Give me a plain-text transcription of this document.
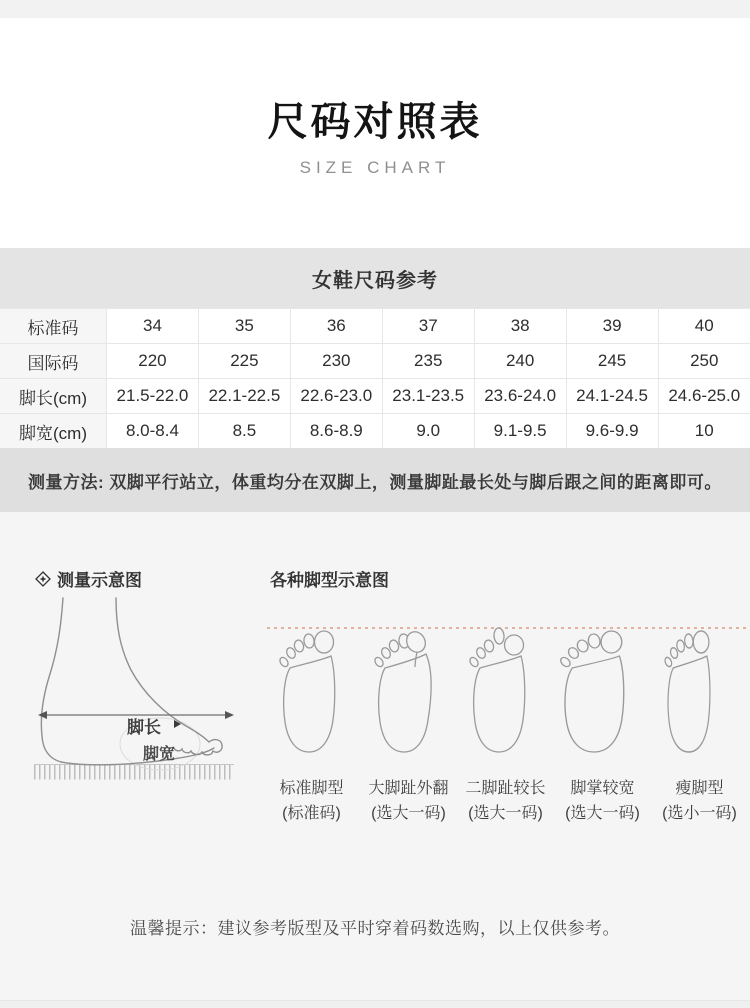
尺码对照表
SIZE CHART
女鞋尺码参考
标准码	34	35	36	37	38	39	40
国际码	220	225	230	235	240	245	250
脚长(cm)	21.5-22.0	22.1-22.5	22.6-23.0	23.1-23.5	23.6-24.0	24.1-24.5	24.6-25.0
脚宽(cm)	8.0-8.4	8.5	8.6-8.9	9.0	9.1-9.5	9.6-9.9	10
测量方法: 双脚平行站立，体重均分在双脚上，测量脚趾最长处与脚后跟之间的距离即可。
测量示意图	各种脚型示意图
脚长
脚宽
标准脚型
(标准码)
大脚趾外翻
(选大一码)
二脚趾较长
(选大一码)
脚掌较宽
(选大一码)
瘦脚型
(选小一码)
温馨提示：建议参考版型及平时穿着码数选购，以上仅供参考。
